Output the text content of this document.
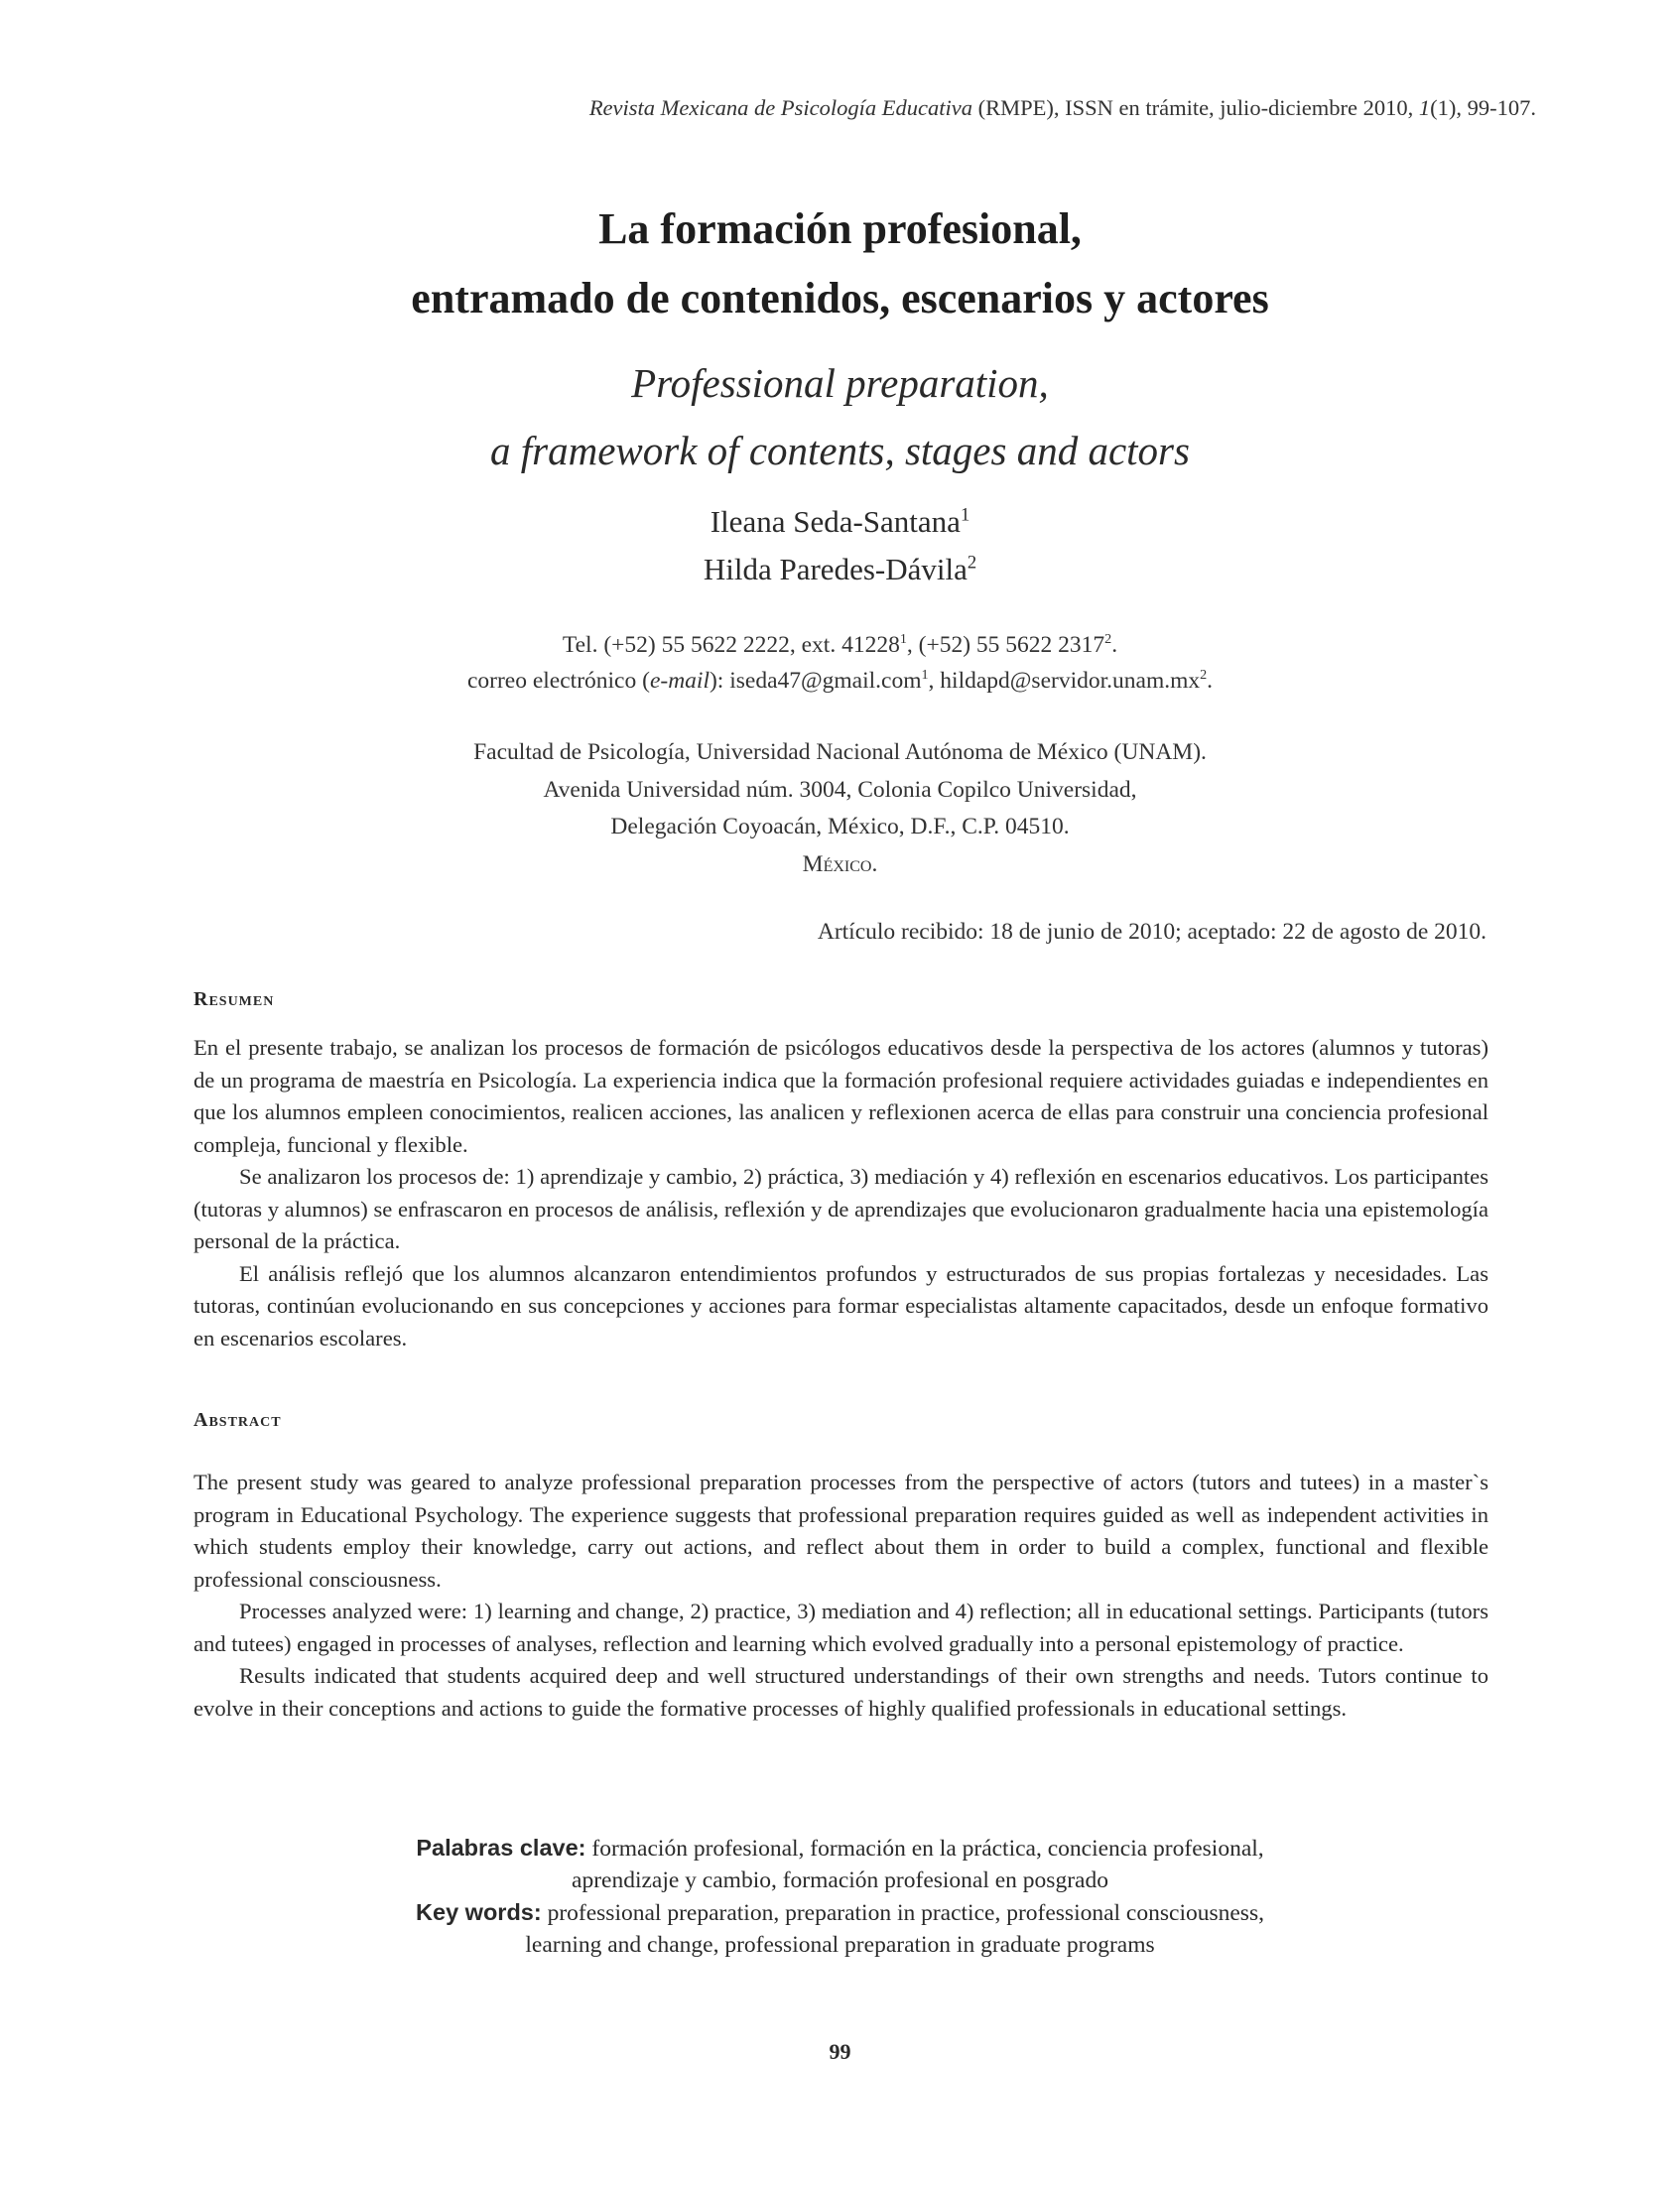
Revista Mexicana de Psicología Educativa (RMPE), ISSN en trámite, julio-diciembre 2010, 1(1), 99-107.
La formación profesional,
entramado de contenidos, escenarios y actores
Professional preparation,
a framework of contents, stages and actors
Ileana Seda-Santana$^1$
Hilda Paredes-Dávila$^2$
Tel. (+52) 55 5622 2222, ext. 41228$^1$, (+52) 55 5622 2317$^2$.
correo electrónico (e-mail): iseda47@gmail.com$^1$, $hildapd@servidor.unam.mx^2$.
Facultad de Psicología, Universidad Nacional Autónoma de México (UNAM).
Avenida Universidad núm. 3004, Colonia Copilco Universidad,
Delegación Coyoacán, México, D.F., C.P. 04510.
México.
Artículo recibido: 18 de junio de 2010; aceptado: 22 de agosto de 2010.
Resumen

En el presente trabajo, se analizan los procesos de formación de psicólogos educativos desde la perspectiva de los actores (alumnos y tutoras) de un programa de maestría en Psicología. La experiencia indica que la formación profesional requiere actividades guiadas e independientes en que los alumnos empleen conocimientos, realicen acciones, las analicen y reflexionen acerca de ellas para construir una conciencia profesional compleja, funcional y flexible.

Se analizaron los procesos de: 1) aprendizaje y cambio, 2) práctica, 3) mediación y 4) reflexión en escenarios educativos. Los participantes (tutoras y alumnos) se enfrascaron en procesos de análisis, reflexión y de aprendizajes que evolucionaron gradualmente hacia una epistemología personal de la práctica.

El análisis reflejó que los alumnos alcanzaron entendimientos profundos y estructurados de sus propias fortalezas y necesidades. Las tutoras, continúan evolucionando en sus concepciones y acciones para formar especialistas altamente capacitados, desde un enfoque formativo en escenarios escolares.

Abstract

The present study was geared to analyze professional preparation processes from the perspective of actors (tutors and tutees) in a master`s program in Educational Psychology. The experience suggests that professional preparation requires guided as well as independent activities in which students employ their knowledge, carry out actions, and reflect about them in order to build a complex, functional and flexible professional consciousness.

Processes analyzed were: 1) learning and change, 2) practice, 3) mediation and 4) reflection; all in educational settings. Participants (tutors and tutees) engaged in processes of analyses, reflection and learning which evolved gradually into a personal epistemology of practice.

Results indicated that students acquired deep and well structured understandings of their own strengths and needs. Tutors continue to evolve in their conceptions and actions to guide the formative processes of highly qualified professionals in educational settings.

Palabras clave: formación profesional, formación en la práctica, conciencia profesional,
aprendizaje y cambio, formación profesional en posgrado
Key words: professional preparation, preparation in practice, professional consciousness,
learning and change, professional preparation in graduate programs
99
